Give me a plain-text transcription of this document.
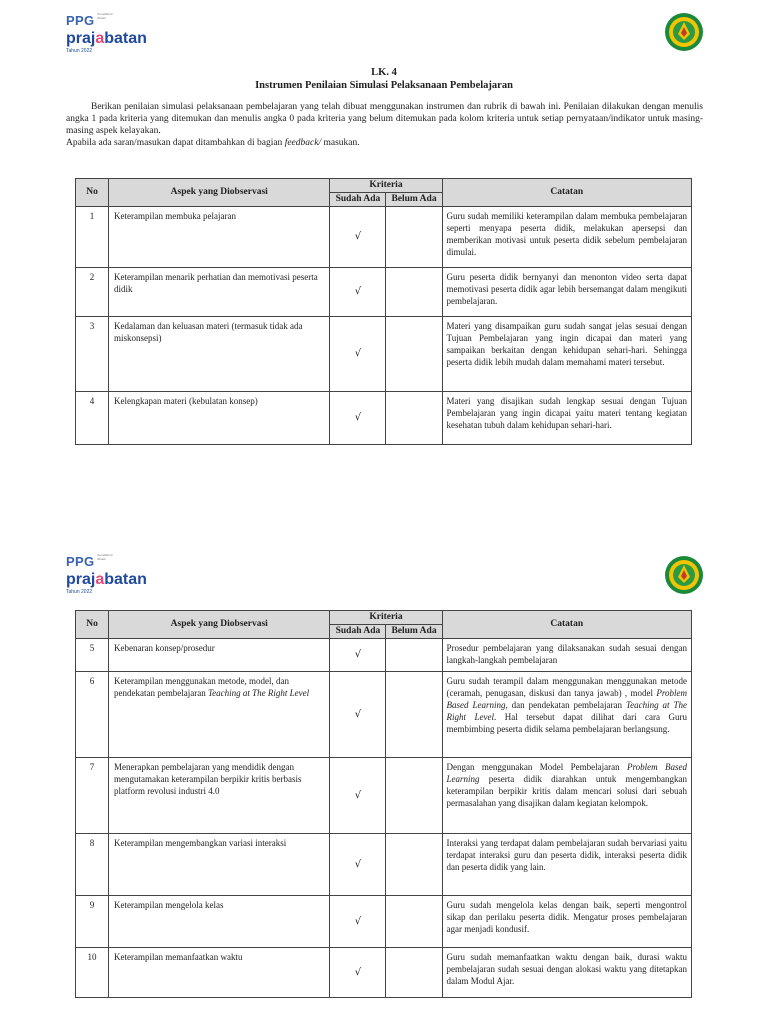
PPG Kemdikbud Ristek
prajabatan
Tahun 2022
LK. 4
Instrumen Penilaian Simulasi Pelaksanaan Pembelajaran

Berikan penilaian simulasi pelaksanaan pembelajaran yang telah dibuat menggunakan instrumen dan rubrik di bawah ini. Penilaian dilakukan dengan menulis angka 1 pada kriteria yang ditemukan dan menulis angka 0 pada kriteria yang belum ditemukan pada kolom kriteria untuk setiap pernyataan/indikator untuk masing-masing aspek kelayakan.

Apabila ada saran/masukan dapat ditambahkan di bagian feedback/ masukan.

No	Aspek yang Diobservasi	Kriteria		Catatan
		Sudah Ada	Belum Ada	
1	Keterampilan membuka pelajaran	√		Guru sudah memiliki keterampilan dalam membuka pembelajaran seperti menyapa peserta didik, melakukan apersepsi dan memberikan motivasi untuk peserta didik sebelum pembelajaran dimulai.
2	Keterampilan menarik perhatian dan memotivasi peserta didik	√		Guru peserta didik bernyanyi dan menonton video serta dapat memotivasi peserta didik agar lebih bersemangat dalam mengikuti pembelajaran.
3	Kedalaman dan keluasan materi (termasuk tidak ada miskonsepsi)	√		Materi yang disampaikan guru sudah sangat jelas sesuai dengan Tujuan Pembelajaran yang ingin dicapai dan materi yang sampaikan berkaitan dengan kehidupan sehari-hari. Sehingga peserta didik lebih mudah dalam memahami materi tersebut.
4	Kelengkapan materi (kebulatan konsep)	√		Materi yang disajikan sudah lengkap sesuai dengan Tujuan Pembelajaran yang ingin dicapai yaitu materi tentang kegiatan kesehatan tubuh dalam kehidupan sehari-hari.
PPG Kemdikbud Ristek
prajabatan
Tahun 2022
No	Aspek yang Diobservasi	Kriteria		Catatan
		Sudah Ada	Belum Ada	
5	Kebenaran konsep/prosedur	√		Prosedur pembelajaran yang dilaksanakan sudah sesuai dengan langkah-langkah pembelajaran
6	Keterampilan menggunakan metode, model, dan pendekatan pembelajaran Teaching at The Right Level	√		Guru sudah terampil dalam menggunakan menggunakan metode (ceramah, penugasan, diskusi dan tanya jawab) , model Problem Based Learning, dan pendekatan pembelajaran Teaching at The Right Level. Hal tersebut dapat dilihat dari cara Guru membimbing peserta didik selama pembelajaran berlangsung.
7	Menerapkan pembelajaran yang mendidik dengan mengutamakan keterampilan berpikir kritis berbasis platform revolusi industri 4.0	√		Dengan menggunakan Model Pembelajaran Problem Based Learning peserta didik diarahkan untuk mengembangkan keterampilan berpikir kritis dalam mencari solusi dari sebuah permasalahan yang disajikan dalam kegiatan kelompok.
8	Keterampilan mengembangkan variasi interaksi	√		Interaksi yang terdapat dalam pembelajaran sudah bervariasi yaitu terdapat interaksi guru dan peserta didik, interaksi peserta didik dan peserta didik yang lain.
9	Keterampilan mengelola kelas	√		Guru sudah mengelola kelas dengan baik, seperti mengontrol sikap dan perilaku peserta didik. Mengatur proses pembelajaran agar menjadi kondusif.
10	Keterampilan memanfaatkan waktu	√		Guru sudah memanfaatkan waktu dengan baik, durasi waktu pembelajaran sudah sesuai dengan alokasi waktu yang ditetapkan dalam Modul Ajar.
